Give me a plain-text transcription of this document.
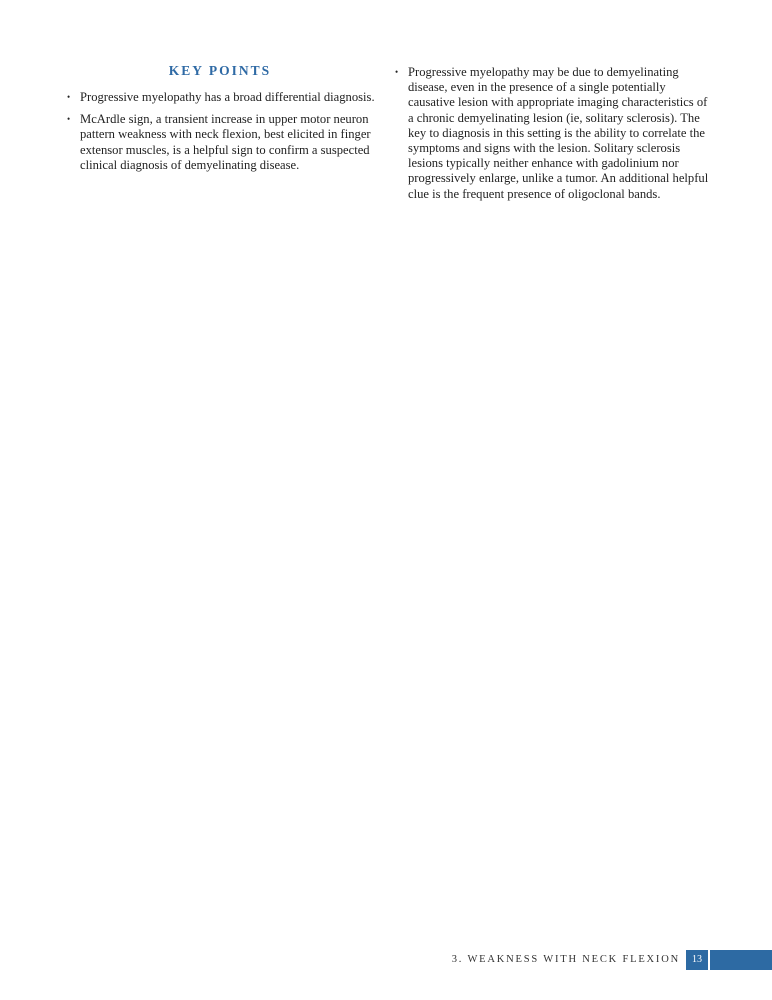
KEY POINTS
• Progressive myelopathy has a broad differential diagnosis.
• McArdle sign, a transient increase in upper motor neuron pattern weakness with neck flexion, best elicited in finger extensor muscles, is a helpful sign to confirm a suspected clinical diagnosis of demyelinating disease.
• Progressive myelopathy may be due to demyelinating disease, even in the presence of a single potentially causative lesion with appropriate imaging characteristics of a chronic demyelinating lesion (ie, solitary sclerosis). The key to diagnosis in this setting is the ability to correlate the symptoms and signs with the lesion. Solitary sclerosis lesions typically neither enhance with gadolinium nor progressively enlarge, unlike a tumor. An additional helpful clue is the frequent presence of oligoclonal bands.
3. WEAKNESS WITH NECK FLEXION	13
